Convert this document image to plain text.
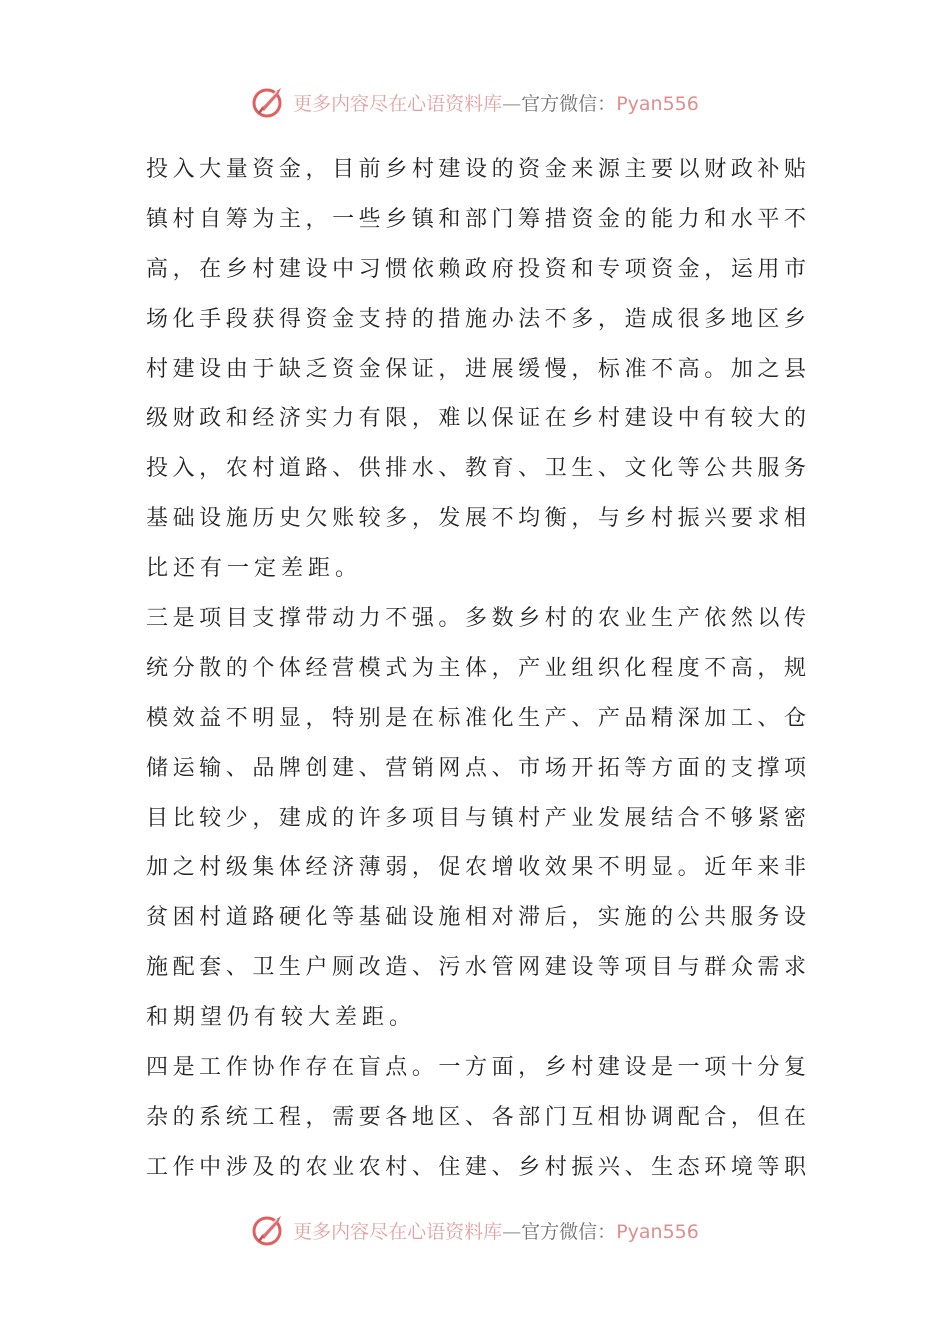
更多内容尽在心语资料库—官方微信：Pyan556
投入大量资金，目前乡村建设的资金来源主要以财政补贴
镇村自筹为主，一些乡镇和部门筹措资金的能力和水平不
高，在乡村建设中习惯依赖政府投资和专项资金，运用市
场化手段获得资金支持的措施办法不多，造成很多地区乡
村建设由于缺乏资金保证，进展缓慢，标准不高。加之县
级财政和经济实力有限，难以保证在乡村建设中有较大的
投入，农村道路、供排水、教育、卫生、文化等公共服务
基础设施历史欠账较多，发展不均衡，与乡村振兴要求相
比还有一定差距。
三是项目支撑带动力不强。多数乡村的农业生产依然以传
统分散的个体经营模式为主体，产业组织化程度不高，规
模效益不明显，特别是在标准化生产、产品精深加工、仓
储运输、品牌创建、营销网点、市场开拓等方面的支撑项
目比较少，建成的许多项目与镇村产业发展结合不够紧密
加之村级集体经济薄弱，促农增收效果不明显。近年来非
贫困村道路硬化等基础设施相对滞后，实施的公共服务设
施配套、卫生户厕改造、污水管网建设等项目与群众需求
和期望仍有较大差距。
四是工作协作存在盲点。一方面，乡村建设是一项十分复
杂的系统工程，需要各地区、各部门互相协调配合，但在
工作中涉及的农业农村、住建、乡村振兴、生态环境等职
更多内容尽在心语资料库—官方微信：Pyan556
